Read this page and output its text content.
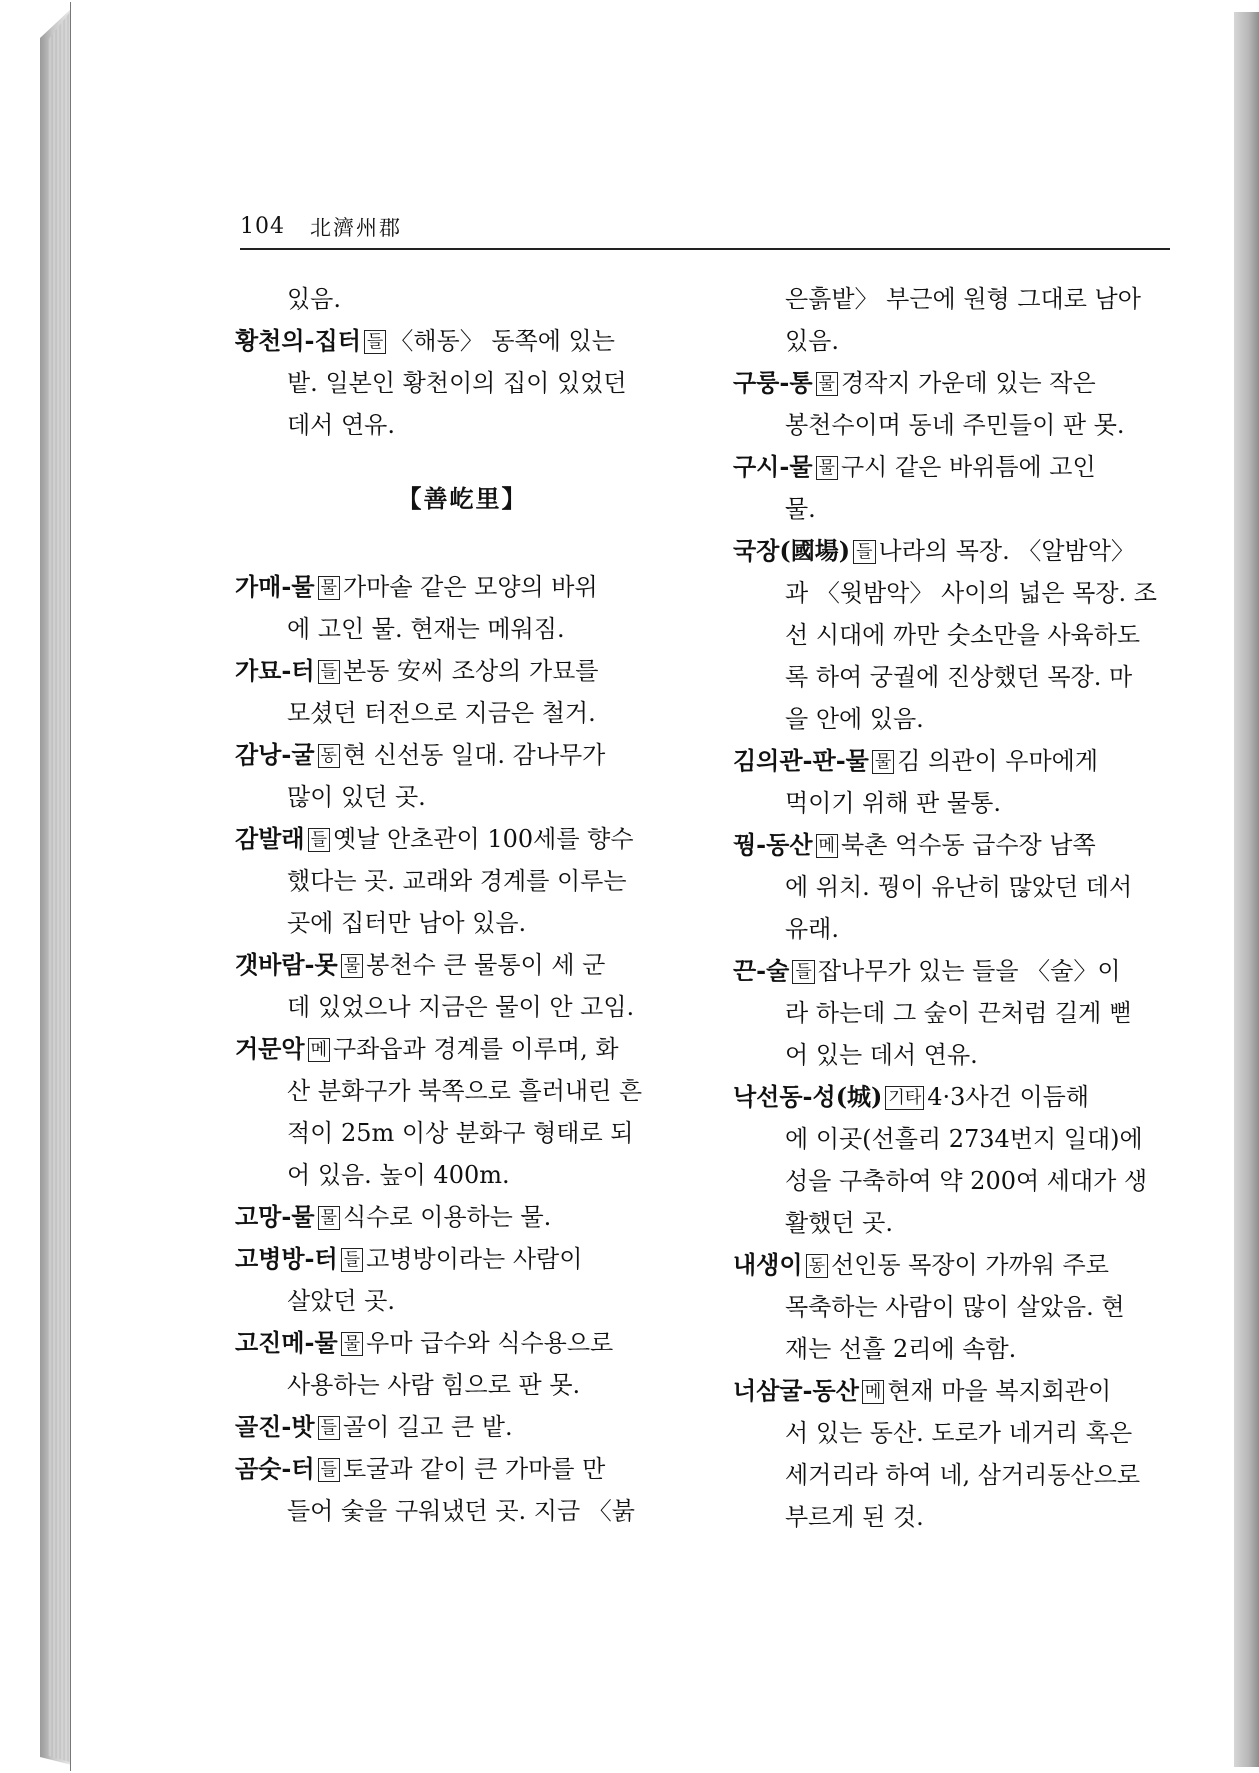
104 北濟州郡
있음.
황천의-집터 들 〈해동〉 동쪽에 있는
밭. 일본인 황천이의 집이 있었던
데서 연유.
【善屹里】
가매-물 물 가마솥 같은 모양의 바위
에 고인 물. 현재는 메워짐.
가묘-터 들 본동 安씨 조상의 가묘를
모셨던 터전으로 지금은 철거.
감낭-굴 동 현 신선동 일대. 감나무가
많이 있던 곳.
감발래 들 옛날 안초관이 100세를 향수
했다는 곳. 교래와 경계를 이루는
곳에 집터만 남아 있음.
갯바람-못 물 봉천수 큰 물통이 세 군
데 있었으나 지금은 물이 안 고임.
거문악 메 구좌읍과 경계를 이루며, 화
산 분화구가 북쪽으로 흘러내린 흔
적이 25m 이상 분화구 형태로 되
어 있음. 높이 400m.
고망-물 물 식수로 이용하는 물.
고병방-터 들 고병방이라는 사람이
살았던 곳.
고진메-물 물 우마 급수와 식수용으로
사용하는 사람 힘으로 판 못.
골진-밧 들 골이 길고 큰 밭.
곰숫-터 들 토굴과 같이 큰 가마를 만
들어 숯을 구워냈던 곳. 지금 〈붉
은흙밭〉 부근에 원형 그대로 남아
있음.
구룽-통 물 경작지 가운데 있는 작은
봉천수이며 동네 주민들이 판 못.
구시-물 물 구시 같은 바위틈에 고인
물.
국장(國場) 들 나라의 목장. 〈알밤악〉
과 〈윗밤악〉 사이의 넓은 목장. 조
선 시대에 까만 숫소만을 사육하도
록 하여 궁궐에 진상했던 목장. 마
을 안에 있음.
김의관-판-물 물 김 의관이 우마에게
먹이기 위해 판 물통.
꿩-동산 메 북촌 억수동 급수장 남쪽
에 위치. 꿩이 유난히 많았던 데서
유래.
끈-술 들 잡나무가 있는 들을 〈술〉이
라 하는데 그 숲이 끈처럼 길게 뻗
어 있는 데서 연유.
낙선동-성(城) 기타 4·3사건 이듬해
에 이곳(선흘리 2734번지 일대)에
성을 구축하여 약 200여 세대가 생
활했던 곳.
내생이 동 선인동 목장이 가까워 주로
목축하는 사람이 많이 살았음. 현
재는 선흘 2리에 속함.
너삼굴-동산 메 현재 마을 복지회관이
서 있는 동산. 도로가 네거리 혹은
세거리라 하여 네, 삼거리동산으로
부르게 된 것.
